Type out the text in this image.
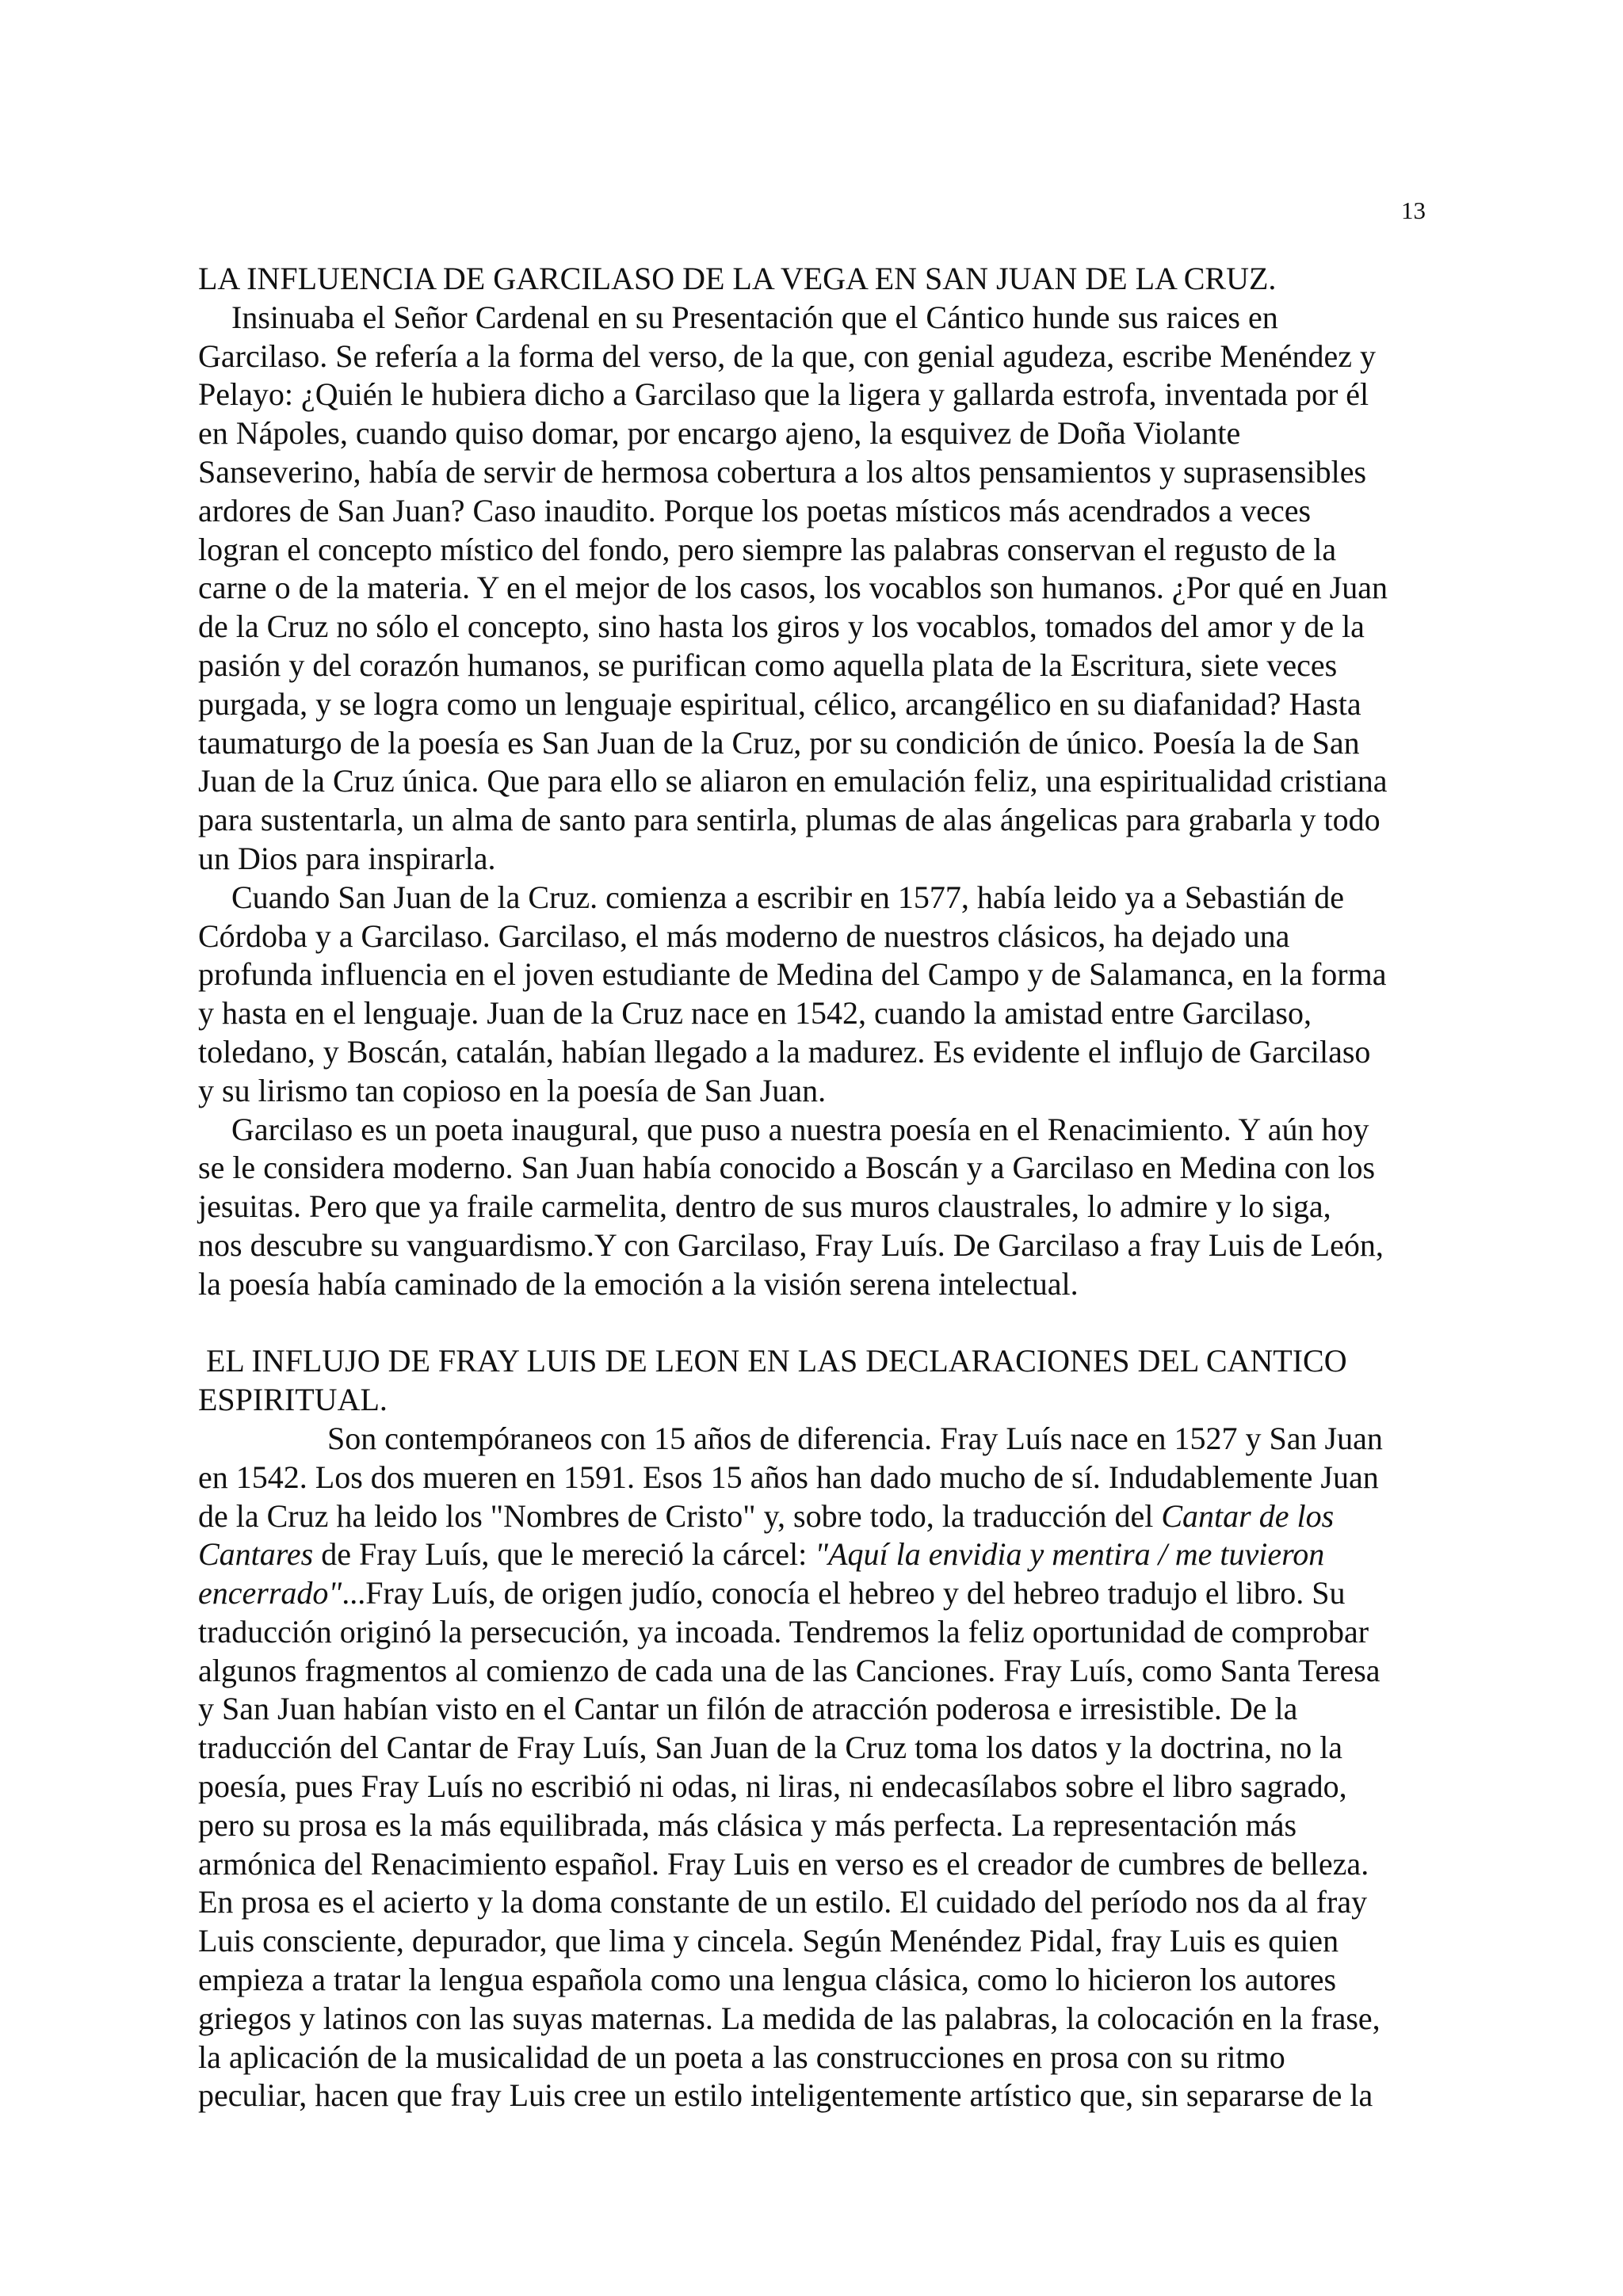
13
LA INFLUENCIA DE GARCILASO DE LA VEGA EN SAN JUAN DE LA CRUZ.
Insinuaba el Señor Cardenal en su Presentación que el Cántico hunde sus raices en
Garcilaso. Se refería a la forma del verso, de la que, con genial agudeza, escribe Menéndez y
Pelayo: ¿Quién le hubiera dicho a Garcilaso que la ligera y gallarda estrofa, inventada por él
en Nápoles, cuando quiso domar, por encargo ajeno, la esquivez de Doña Violante
Sanseverino, había de servir de hermosa cobertura a los altos pensamientos y suprasensibles
ardores de San Juan? Caso inaudito. Porque los poetas místicos más acendrados a veces
logran el concepto místico del fondo, pero siempre las palabras conservan el regusto de la
carne o de la materia. Y en el mejor de los casos, los vocablos son humanos. ¿Por qué en Juan
de la Cruz no sólo el concepto, sino hasta los giros y los vocablos, tomados del amor y de la
pasión y del corazón humanos, se purifican como aquella plata de la Escritura, siete veces
purgada, y se logra como un lenguaje espiritual, célico, arcangélico en su diafanidad? Hasta
taumaturgo de la poesía es San Juan de la Cruz, por su condición de único. Poesía la de San
Juan de la Cruz única. Que para ello se aliaron en emulación feliz, una espiritualidad cristiana
para sustentarla, un alma de santo para sentirla, plumas de alas ángelicas para grabarla y todo
un Dios para inspirarla.
Cuando San Juan de la Cruz. comienza a escribir en 1577, había leido ya a Sebastián de
Córdoba y a Garcilaso. Garcilaso, el más moderno de nuestros clásicos, ha dejado una
profunda influencia en el joven estudiante de Medina del Campo y de Salamanca, en la forma
y hasta en el lenguaje. Juan de la Cruz nace en 1542, cuando la amistad entre Garcilaso,
toledano, y Boscán, catalán, habían llegado a la madurez. Es evidente el influjo de Garcilaso
y su lirismo tan copioso en la poesía de San Juan.
Garcilaso es un poeta inaugural, que puso a nuestra poesía en el Renacimiento. Y aún hoy
se le considera moderno. San Juan había conocido a Boscán y a Garcilaso en Medina con los
jesuitas. Pero que ya fraile carmelita, dentro de sus muros claustrales, lo admire y lo siga,
nos descubre su vanguardismo.Y con Garcilaso, Fray Luís. De Garcilaso a fray Luis de León,
la poesía había caminado de la emoción a la visión serena intelectual.
EL INFLUJO DE FRAY LUIS DE LEON EN LAS DECLARACIONES DEL CANTICO
ESPIRITUAL.
Son contempóraneos con 15 años de diferencia. Fray Luís nace en 1527 y San Juan
en 1542. Los dos mueren en 1591. Esos 15 años han dado mucho de sí. Indudablemente Juan
de la Cruz ha leido los "Nombres de Cristo" y, sobre todo, la traducción del Cantar de los
Cantares de Fray Luís, que le mereció la cárcel: "Aquí la envidia y mentira / me tuvieron
encerrado"...Fray Luís, de origen judío, conocía el hebreo y del hebreo tradujo el libro. Su
traducción originó la persecución, ya incoada. Tendremos la feliz oportunidad de comprobar
algunos fragmentos al comienzo de cada una de las Canciones. Fray Luís, como Santa Teresa
y San Juan habían visto en el Cantar un filón de atracción poderosa e irresistible. De la
traducción del Cantar de Fray Luís, San Juan de la Cruz toma los datos y la doctrina, no la
poesía, pues Fray Luís no escribió ni odas, ni liras, ni endecasílabos sobre el libro sagrado,
pero su prosa es la más equilibrada, más clásica y más perfecta. La representación más
armónica del Renacimiento español. Fray Luis en verso es el creador de cumbres de belleza.
En prosa es el acierto y la doma constante de un estilo. El cuidado del período nos da al fray
Luis consciente, depurador, que lima y cincela. Según Menéndez Pidal, fray Luis es quien
empieza a tratar la lengua española como una lengua clásica, como lo hicieron los autores
griegos y latinos con las suyas maternas. La medida de las palabras, la colocación en la frase,
la aplicación de la musicalidad de un poeta a las construcciones en prosa con su ritmo
peculiar, hacen que fray Luis cree un estilo inteligentemente artístico que, sin separarse de la
